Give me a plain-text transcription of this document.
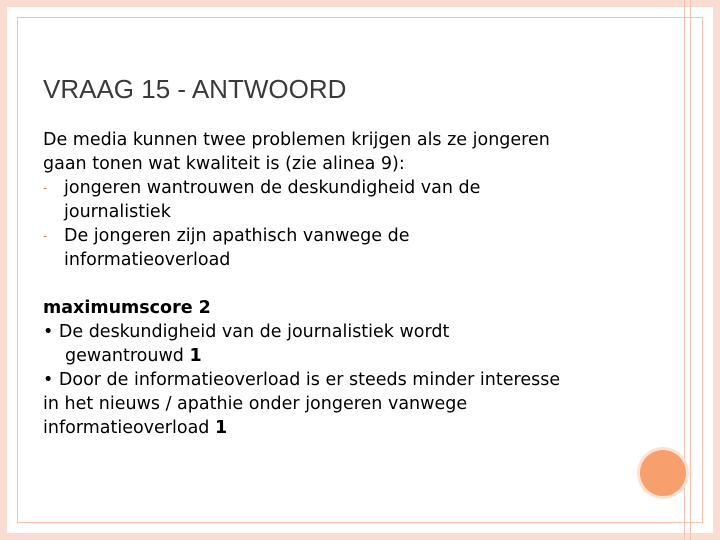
VRAAG 15 - ANTWOORD
De media kunnen twee problemen krijgen als ze jongeren
gaan tonen wat kwaliteit is (zie alinea 9):
- jongeren wantrouwen de deskundigheid van de
journalistiek
- De jongeren zijn apathisch vanwege de
informatieoverload
maximumscore 2
• De deskundigheid van de journalistiek wordt
gewantrouwd 1
• Door de informatieoverload is er steeds minder interesse
in het nieuws / apathie onder jongeren vanwege
informatieoverload 1
